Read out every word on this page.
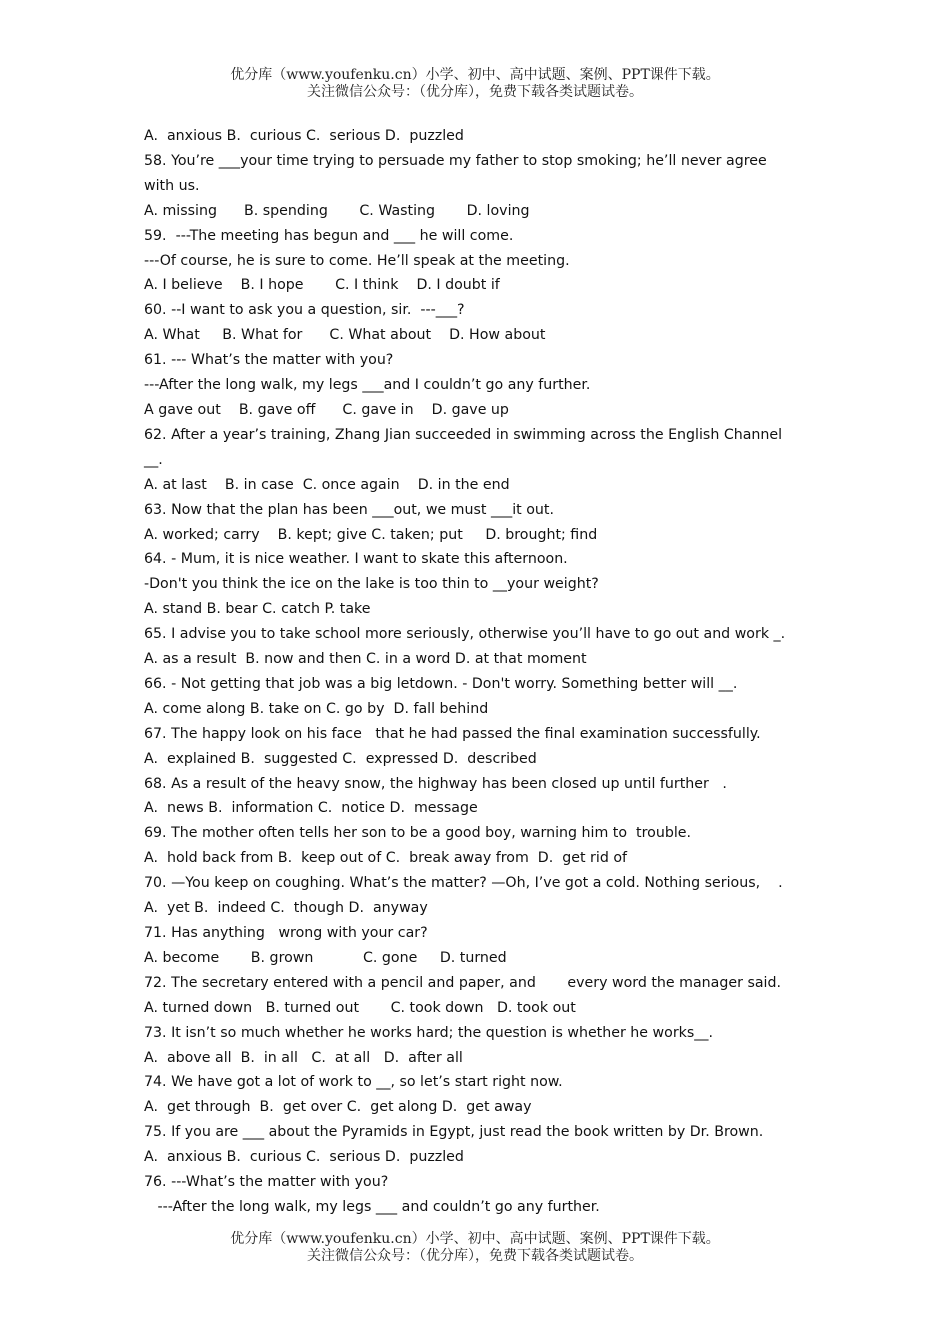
优分库（www.youfenku.cn）小学、初中、高中试题、案例、PPT课件下载。
关注微信公众号：（优分库），免费下载各类试题试卷。
A.  anxious B.  curious C.  serious D.  puzzled
58. You’re ___your time trying to persuade my father to stop smoking; he’ll never agree
with us.
A. missing      B. spending       C. Wasting       D. loving
59.  ---The meeting has begun and ___ he will come.
---Of course, he is sure to come. He’ll speak at the meeting.
A. I believe    B. I hope       C. I think    D. I doubt if
60. --I want to ask you a question, sir.  ---___?
A. What     B. What for      C. What about    D. How about
61. --- What’s the matter with you?
---After the long walk, my legs ___and I couldn’t go any further.
A gave out    B. gave off      C. gave in    D. gave up
62. After a year’s training, Zhang Jian succeeded in swimming across the English Channel
__.
A. at last    B. in case  C. once again    D. in the end
63. Now that the plan has been ___out, we must ___it out.
A. worked; carry    B. kept; give C. taken; put     D. brought; find
64. - Mum, it is nice weather. I want to skate this afternoon.
-Don't you think the ice on the lake is too thin to __your weight?
A. stand B. bear C. catch P. take
65. I advise you to take school more seriously, otherwise you’ll have to go out and work _.
A. as a result  B. now and then C. in a word D. at that moment
66. - Not getting that job was a big letdown. - Don't worry. Something better will __.
A. come along B. take on C. go by  D. fall behind
67. The happy look on his face   that he had passed the final examination successfully.
A.  explained B.  suggested C.  expressed D.  described
68. As a result of the heavy snow, the highway has been closed up until further   .
A.  news B.  information C.  notice D.  message
69. The mother often tells her son to be a good boy, warning him to  trouble.
A.  hold back from B.  keep out of C.  break away from  D.  get rid of
70. —You keep on coughing. What’s the matter? —Oh, I’ve got a cold. Nothing serious,    .
A.  yet B.  indeed C.  though D.  anyway
71. Has anything   wrong with your car?
A. become       B. grown           C. gone     D. turned
72. The secretary entered with a pencil and paper, and       every word the manager said.
A. turned down   B. turned out       C. took down   D. took out
73. It isn’t so much whether he works hard; the question is whether he works__.
A.  above all  B.  in all   C.  at all   D.  after all
74. We have got a lot of work to __, so let’s start right now.
A.  get through  B.  get over C.  get along D.  get away
75. If you are ___ about the Pyramids in Egypt, just read the book written by Dr. Brown.
A.  anxious B.  curious C.  serious D.  puzzled
76. ---What’s the matter with you?
---After the long walk, my legs ___ and couldn’t go any further.
优分库（www.youfenku.cn）小学、初中、高中试题、案例、PPT课件下载。
关注微信公众号：（优分库），免费下载各类试题试卷。
